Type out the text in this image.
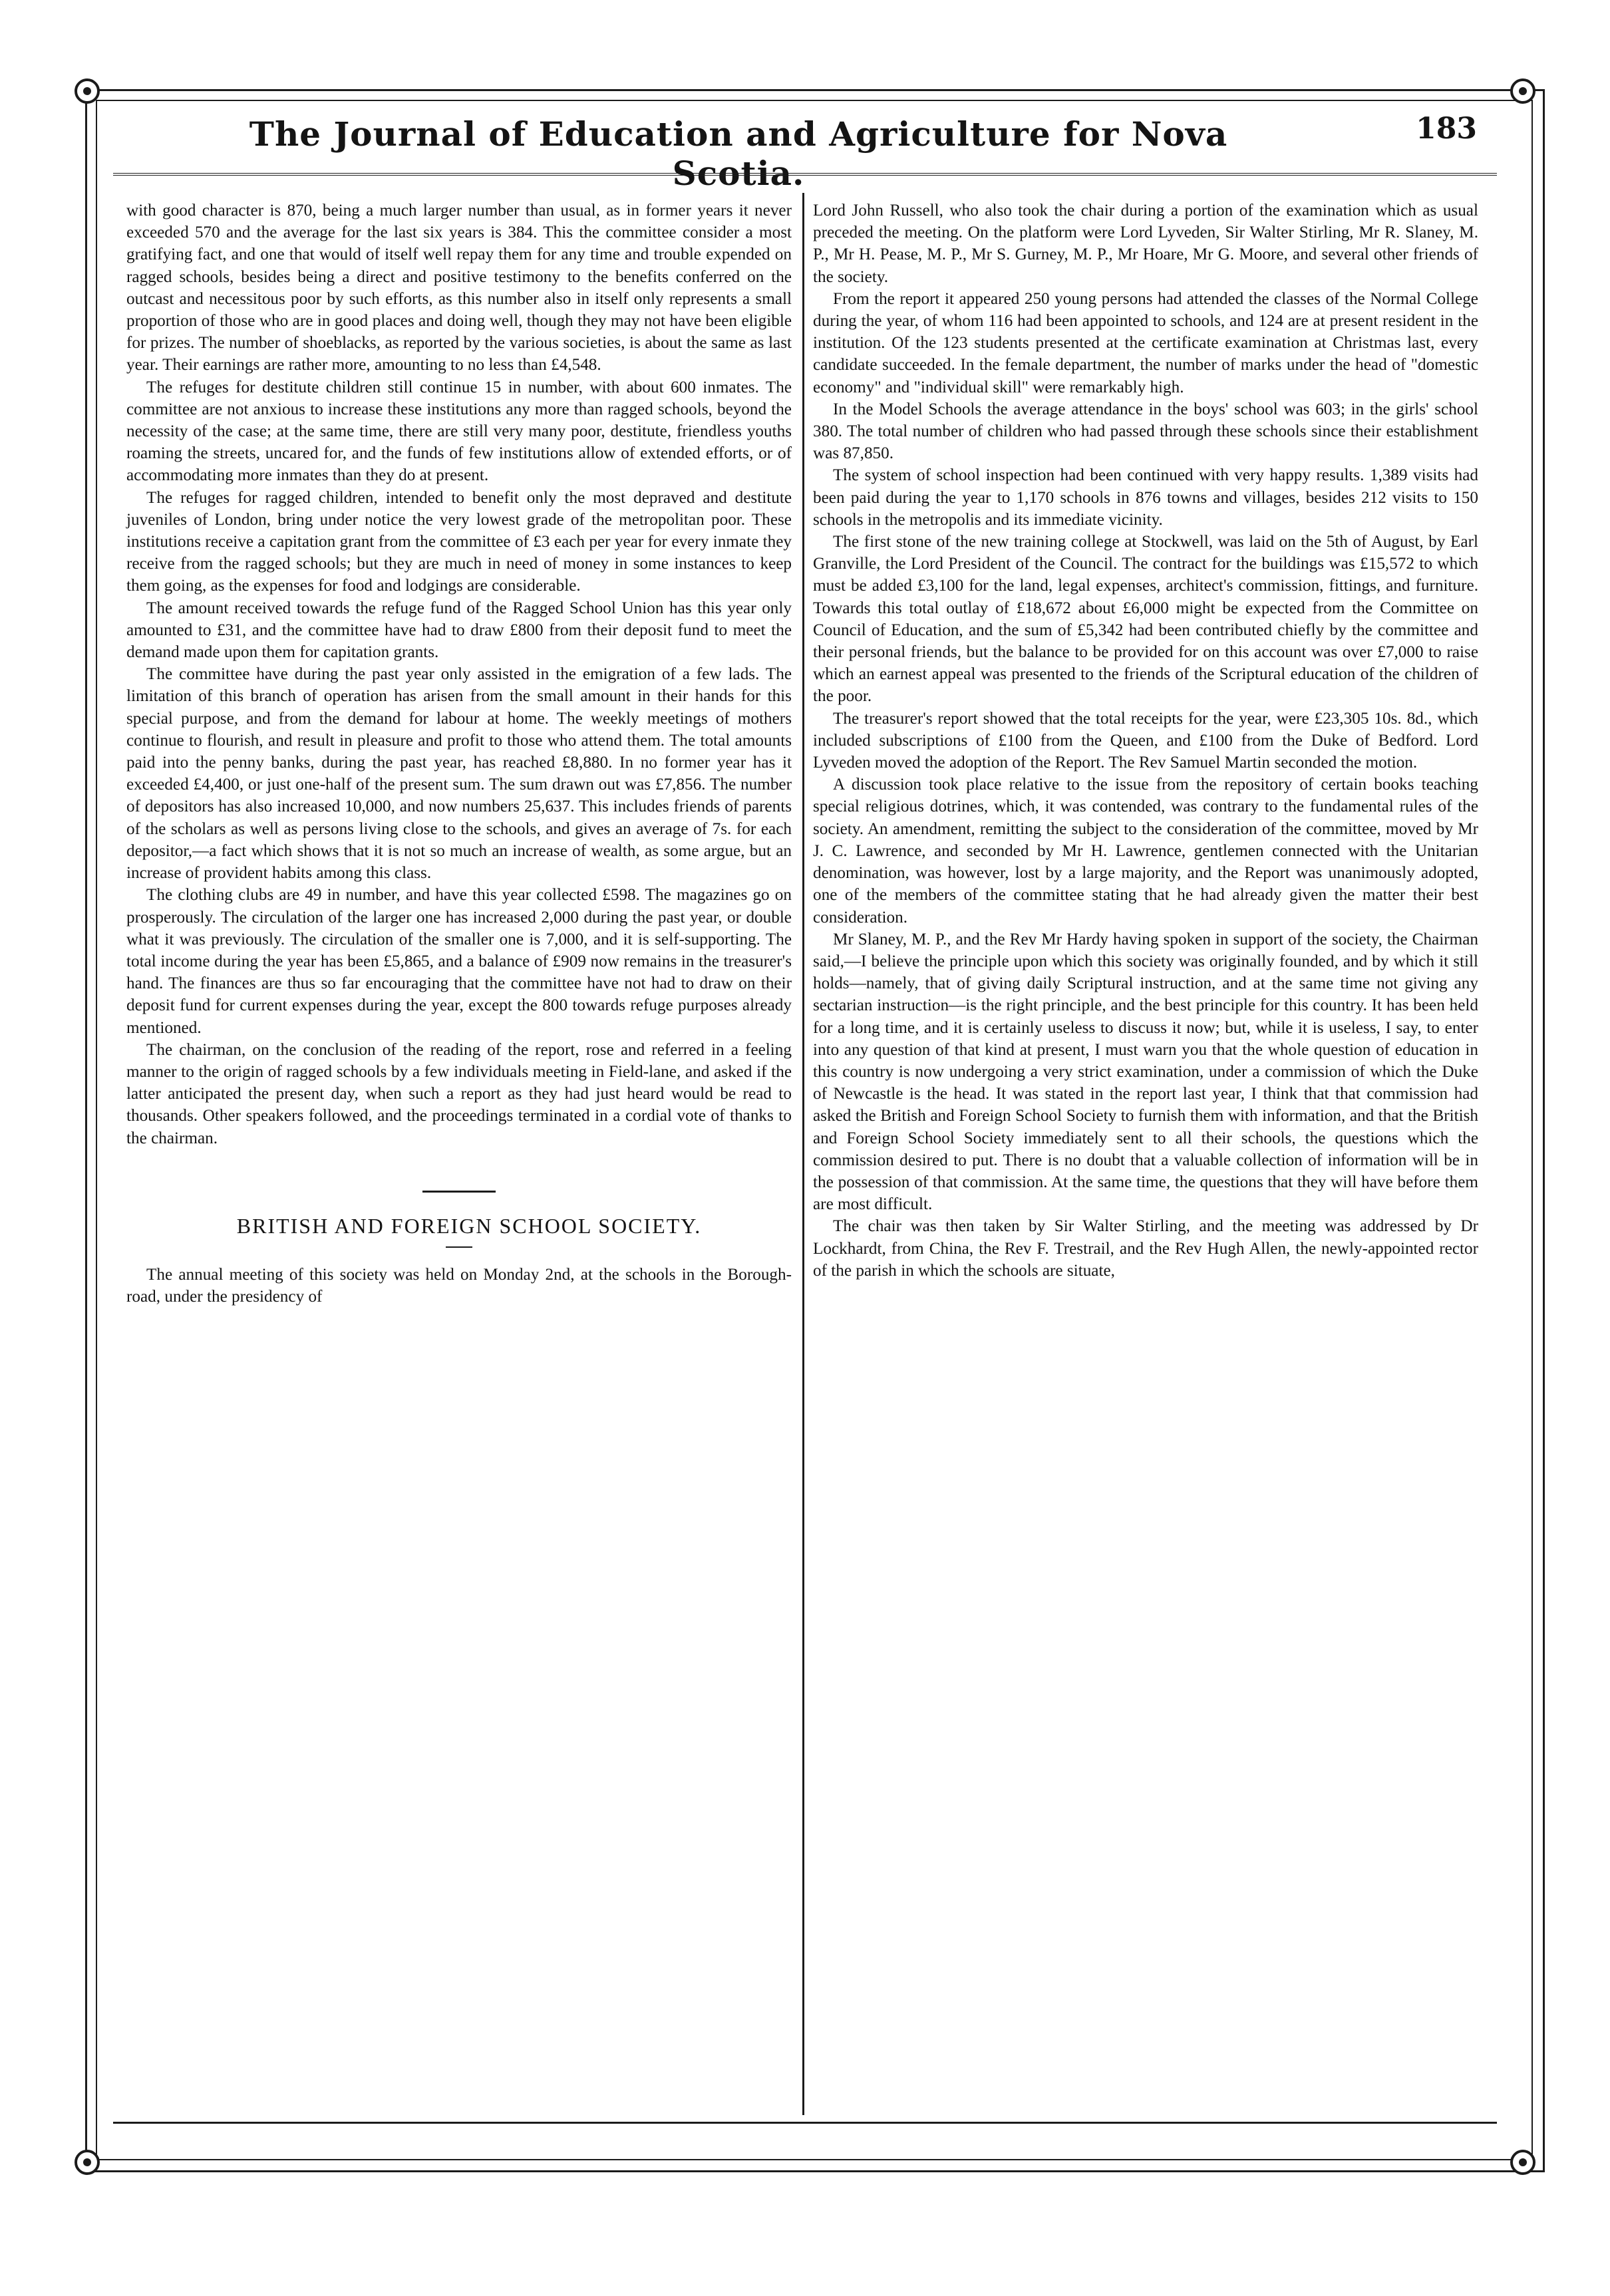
The Journal of Education and Agriculture for Nova Scotia.
183

with good character is 870, being a much larger number than usual, as in former years it never exceeded 570 and the average for the last six years is 384. This the committee consider a most gratifying fact, and one that would of itself well repay them for any time and trouble expended on ragged schools, besides being a direct and positive testimony to the benefits conferred on the outcast and necessitous poor by such efforts, as this number also in itself only represents a small proportion of those who are in good places and doing well, though they may not have been eligible for prizes. The number of shoeblacks, as reported by the various societies, is about the same as last year. Their earnings are rather more, amounting to no less than £4,548.

The refuges for destitute children still continue 15 in number, with about 600 inmates. The committee are not anxious to increase these institutions any more than ragged schools, beyond the necessity of the case; at the same time, there are still very many poor, destitute, friendless youths roaming the streets, uncared for, and the funds of few institutions allow of extended efforts, or of accommodating more inmates than they do at present.

The refuges for ragged children, intended to benefit only the most depraved and destitute juveniles of London, bring under notice the very lowest grade of the metropolitan poor. These institutions receive a capitation grant from the committee of £3 each per year for every inmate they receive from the ragged schools; but they are much in need of money in some instances to keep them going, as the expenses for food and lodgings are considerable.

The amount received towards the refuge fund of the Ragged School Union has this year only amounted to £31, and the committee have had to draw £800 from their deposit fund to meet the demand made upon them for capitation grants.

The committee have during the past year only assisted in the emigration of a few lads. The limitation of this branch of operation has arisen from the small amount in their hands for this special purpose, and from the demand for labour at home. The weekly meetings of mothers continue to flourish, and result in pleasure and profit to those who attend them. The total amounts paid into the penny banks, during the past year, has reached £8,880. In no former year has it exceeded £4,400, or just one-half of the present sum. The sum drawn out was £7,856. The number of depositors has also increased 10,000, and now numbers 25,637. This includes friends of parents of the scholars as well as persons living close to the schools, and gives an average of 7s. for each depositor,—a fact which shows that it is not so much an increase of wealth, as some argue, but an increase of provident habits among this class.

The clothing clubs are 49 in number, and have this year collected £598. The magazines go on prosperously. The circulation of the larger one has increased 2,000 during the past year, or double what it was previously. The circulation of the smaller one is 7,000, and it is self-supporting. The total income during the year has been £5,865, and a balance of £909 now remains in the treasurer's hand. The finances are thus so far encouraging that the committee have not had to draw on their deposit fund for current expenses during the year, except the 800 towards refuge purposes already mentioned.

The chairman, on the conclusion of the reading of the report, rose and referred in a feeling manner to the origin of ragged schools by a few individuals meeting in Field-lane, and asked if the latter anticipated the present day, when such a report as they had just heard would be read to thousands. Other speakers followed, and the proceedings terminated in a cordial vote of thanks to the chairman.

BRITISH AND FOREIGN SCHOOL SOCIETY.

The annual meeting of this society was held on Monday 2nd, at the schools in the Borough-road, under the presidency of

Lord John Russell, who also took the chair during a portion of the examination which as usual preceded the meeting. On the platform were Lord Lyveden, Sir Walter Stirling, Mr R. Slaney, M. P., Mr H. Pease, M. P., Mr S. Gurney, M. P., Mr Hoare, Mr G. Moore, and several other friends of the society.

From the report it appeared 250 young persons had attended the classes of the Normal College during the year, of whom 116 had been appointed to schools, and 124 are at present resident in the institution. Of the 123 students presented at the certificate examination at Christmas last, every candidate succeeded. In the female department, the number of marks under the head of "domestic economy" and "individual skill" were remarkably high.

In the Model Schools the average attendance in the boys' school was 603; in the girls' school 380. The total number of children who had passed through these schools since their establishment was 87,850.

The system of school inspection had been continued with very happy results. 1,389 visits had been paid during the year to 1,170 schools in 876 towns and villages, besides 212 visits to 150 schools in the metropolis and its immediate vicinity.

The first stone of the new training college at Stockwell, was laid on the 5th of August, by Earl Granville, the Lord President of the Council. The contract for the buildings was £15,572 to which must be added £3,100 for the land, legal expenses, architect's commission, fittings, and furniture. Towards this total outlay of £18,672 about £6,000 might be expected from the Committee on Council of Education, and the sum of £5,342 had been contributed chiefly by the committee and their personal friends, but the balance to be provided for on this account was over £7,000 to raise which an earnest appeal was presented to the friends of the Scriptural education of the children of the poor.

The treasurer's report showed that the total receipts for the year, were £23,305 10s. 8d., which included subscriptions of £100 from the Queen, and £100 from the Duke of Bedford. Lord Lyveden moved the adoption of the Report. The Rev Samuel Martin seconded the motion.

A discussion took place relative to the issue from the repository of certain books teaching special religious dotrines, which, it was contended, was contrary to the fundamental rules of the society. An amendment, remitting the subject to the consideration of the committee, moved by Mr J. C. Lawrence, and seconded by Mr H. Lawrence, gentlemen connected with the Unitarian denomination, was however, lost by a large majority, and the Report was unanimously adopted, one of the members of the committee stating that he had already given the matter their best consideration.

Mr Slaney, M. P., and the Rev Mr Hardy having spoken in support of the society, the Chairman said,—I believe the principle upon which this society was originally founded, and by which it still holds—namely, that of giving daily Scriptural instruction, and at the same time not giving any sectarian instruction—is the right principle, and the best principle for this country. It has been held for a long time, and it is certainly useless to discuss it now; but, while it is useless, I say, to enter into any question of that kind at present, I must warn you that the whole question of education in this country is now undergoing a very strict examination, under a commission of which the Duke of Newcastle is the head. It was stated in the report last year, I think that that commission had asked the British and Foreign School Society to furnish them with information, and that the British and Foreign School Society immediately sent to all their schools, the questions which the commission desired to put. There is no doubt that a valuable collection of information will be in the possession of that commission. At the same time, the questions that they will have before them are most difficult.

The chair was then taken by Sir Walter Stirling, and the meeting was addressed by Dr Lockhardt, from China, the Rev F. Trestrail, and the Rev Hugh Allen, the newly-appointed rector of the parish in which the schools are situate,
